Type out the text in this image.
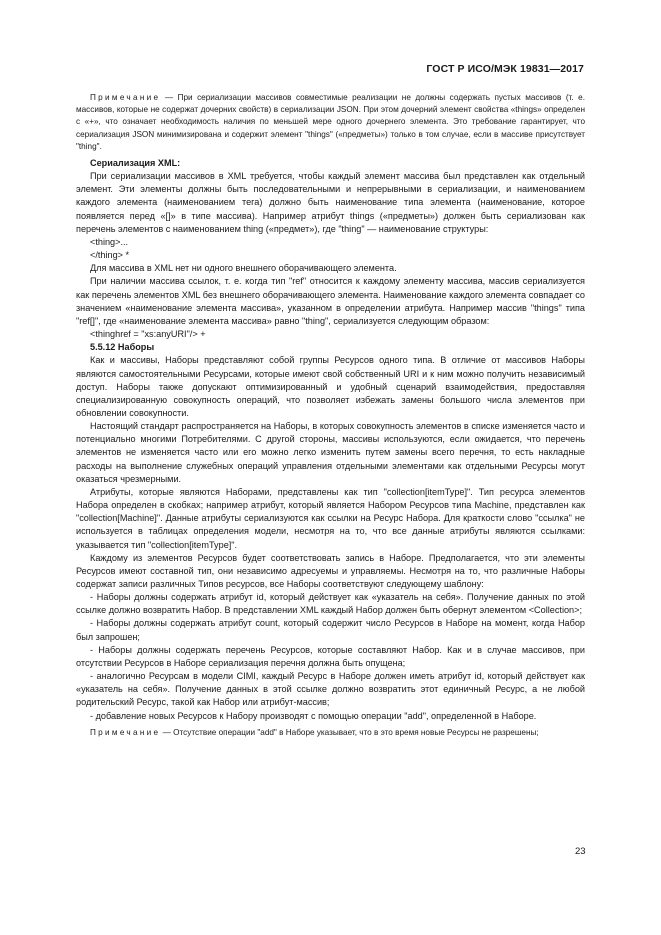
ГОСТ Р ИСО/МЭК 19831—2017

Примечание — При сериализации массивов совместимые реализации не должны содержать пустых массивов (т. е. массивов, которые не содержат дочерних свойств) в сериализации JSON. При этом дочерний элемент свойства «things» определен с «+», что означает необходимость наличия по меньшей мере одного дочернего элемента. Это требование гарантирует, что сериализация JSON минимизирована и содержит элемент "things" («предметы») только в том случае, если в массиве присутствует "thing".

Сериализация XML:

При сериализации массивов в XML требуется, чтобы каждый элемент массива был представлен как отдельный элемент. Эти элементы должны быть последовательными и непрерывными в сериализации, и наименованием каждого элемента (наименованием тега) должно быть наименование типа элемента (наименование, которое появляется перед «[]» в типе массива). Например атрибут things («предметы») должен быть сериализован как перечень элементов с наименованием thing («предмет»), где "thing" — наименование структуры:

<thing>...

</thing> *

Для массива в XML нет ни одного внешнего оборачивающего элемента.

При наличии массива ссылок, т. е. когда тип "ref" относится к каждому элементу массива, массив сериализуется как перечень элементов XML без внешнего оборачивающего элемента. Наименование каждого элемента совпадает со значением «наименование элемента массива», указанном в определении атрибута. Например массив "things" типа "ref[]", где «наименование элемента массива» равно "thing", сериализуется следующим образом:

<thinghref = "xs:anyURI"/> +

5.5.12 Наборы

Как и массивы, Наборы представляют собой группы Ресурсов одного типа. В отличие от массивов Наборы являются самостоятельными Ресурсами, которые имеют свой собственный URI и к ним можно получить независимый доступ. Наборы также допускают оптимизированный и удобный сценарий взаимодействия, предоставляя специализированную совокупность операций, что позволяет избежать замены большого числа элементов при обновлении совокупности.

Настоящий стандарт распространяется на Наборы, в которых совокупность элементов в списке изменяется часто и потенциально многими Потребителями. С другой стороны, массивы используются, если ожидается, что перечень элементов не изменяется часто или его можно легко изменить путем замены всего перечня, то есть накладные расходы на выполнение служебных операций управления отдельными элементами как отдельными Ресурсы могут оказаться чрезмерными.

Атрибуты, которые являются Наборами, представлены как тип "collection[itemType]". Тип ресурса элементов Набора определен в скобках; например атрибут, который является Набором Ресурсов типа Machine, представлен как "collection[Machine]". Данные атрибуты сериализуются как ссылки на Ресурс Набора. Для краткости слово "ссылка" не используется в таблицах определения модели, несмотря на то, что все данные атрибуты являются ссылками: указывается тип "collection[itemType]".

Каждому из элементов Ресурсов будет соответствовать запись в Наборе. Предполагается, что эти элементы Ресурсов имеют составной тип, они независимо адресуемы и управляемы. Несмотря на то, что различные Наборы содержат записи различных Типов ресурсов, все Наборы соответствуют следующему шаблону:

- Наборы должны содержать атрибут id, который действует как «указатель на себя». Получение данных по этой ссылке должно возвратить Набор. В представлении XML каждый Набор должен быть обернут элементом <Collection>;

- Наборы должны содержать атрибут count, который содержит число Ресурсов в Наборе на момент, когда Набор был запрошен;

- Наборы должны содержать перечень Ресурсов, которые составляют Набор. Как и в случае массивов, при отсутствии Ресурсов в Наборе сериализация перечня должна быть опущена;

- аналогично Ресурсам в модели CIMI, каждый Ресурс в Наборе должен иметь атрибут id, который действует как «указатель на себя». Получение данных в этой ссылке должно возвратить этот единичный Ресурс, а не любой родительский Ресурс, такой как Набор или атрибут-массив;

- добавление новых Ресурсов к Набору производят с помощью операции "add", определенной в Наборе.

Примечание — Отсутствие операции "add" в Наборе указывает, что в это время новые Ресурсы не разрешены;

23
